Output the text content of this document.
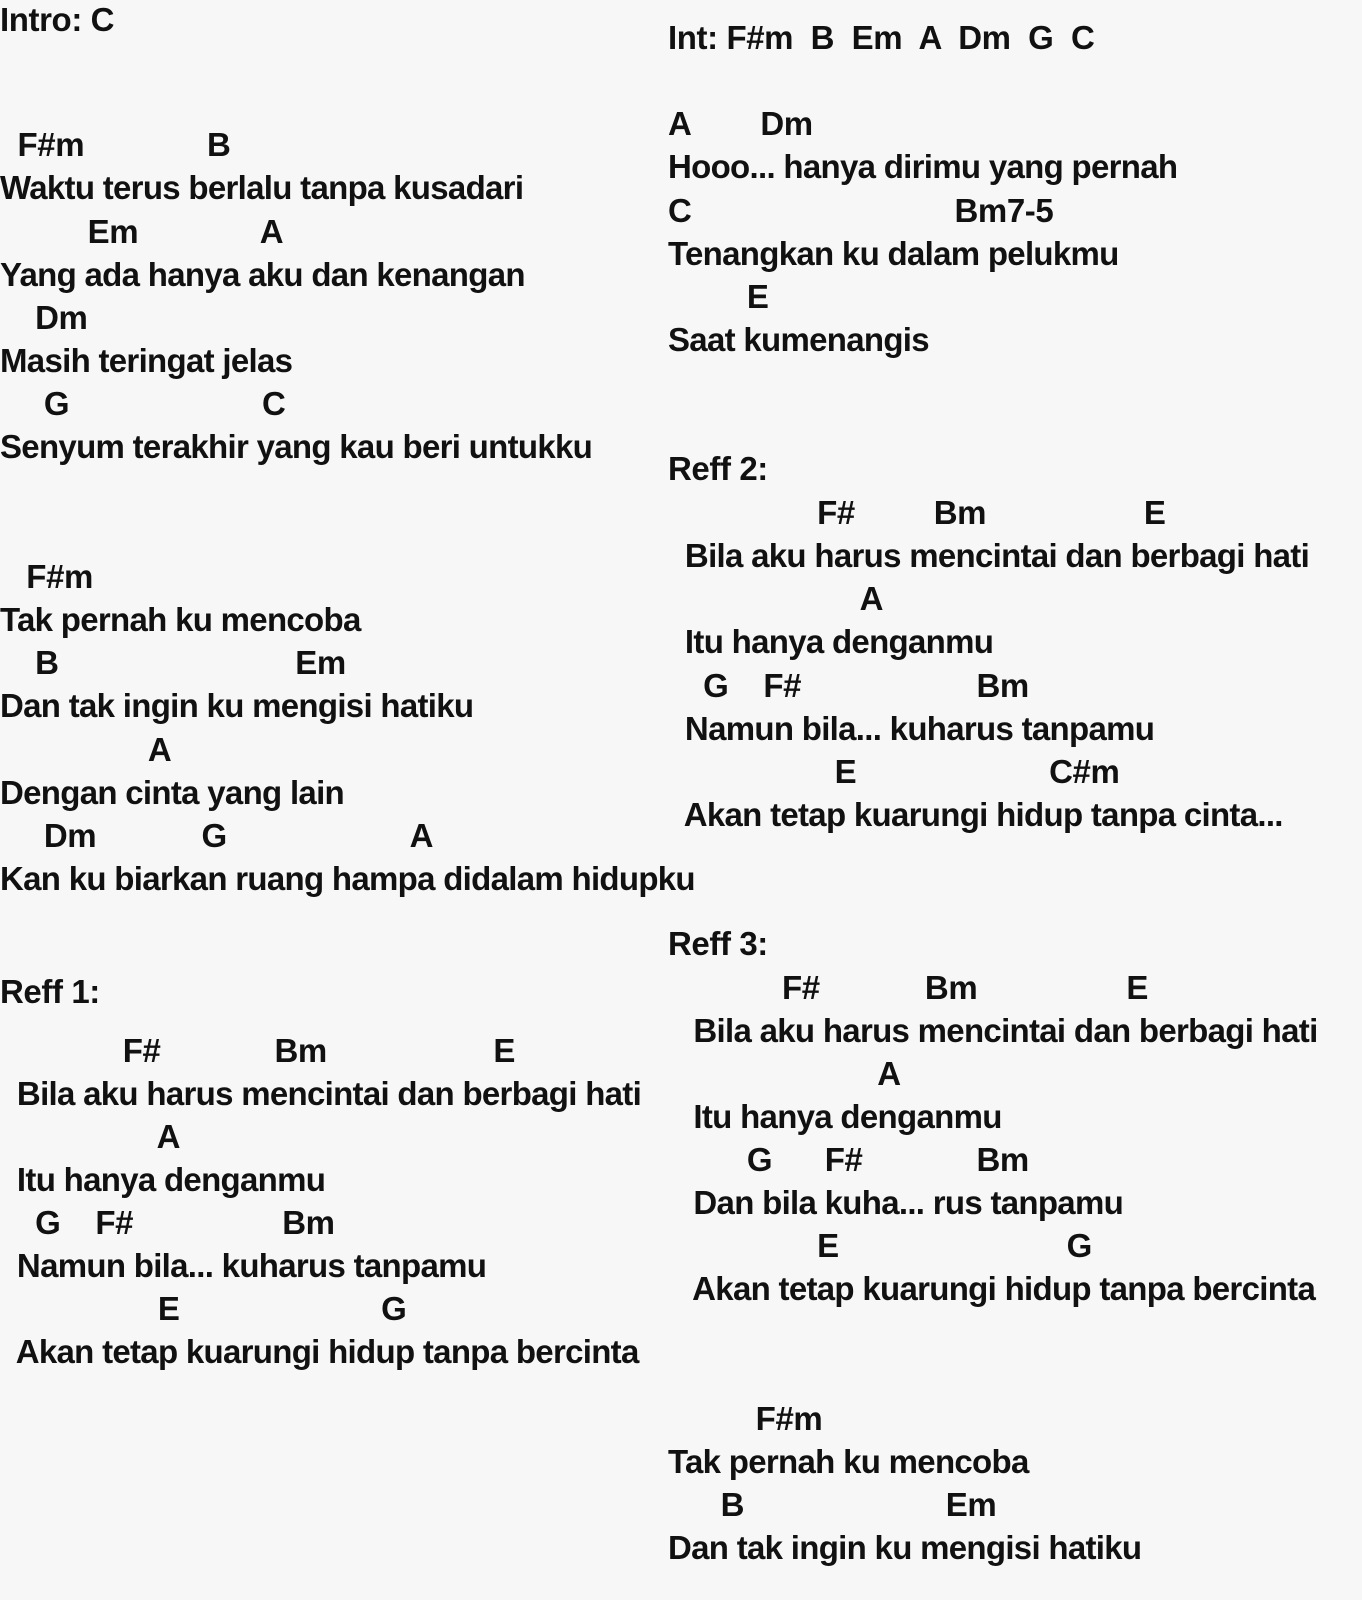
Intro: C
F#m              B
Waktu terus berlalu tanpa kusadari
Em              A
Yang ada hanya aku dan kenangan
Dm
Masih teringat jelas
G                      C
Senyum terakhir yang kau beri untukku
F#m
Tak pernah ku mencoba
B                           Em
Dan tak ingin ku mengisi hatiku
A
Dengan cinta yang lain
Dm            G                     A
Kan ku biarkan ruang hampa didalam hidupku
Reff 1:
F#             Bm                   E
Bila aku harus mencintai dan berbagi hati
A
Itu hanya denganmu
G    F#                 Bm
Namun bila... kuharus tanpamu
E                       G
Akan tetap kuarungi hidup tanpa bercinta
Int: F#m  B  Em  A  Dm  G  C
A        Dm
Hooo... hanya dirimu yang pernah
C                              Bm7-5
Tenangkan ku dalam pelukmu
E
Saat kumenangis
Reff 2:
F#         Bm                  E
Bila aku harus mencintai dan berbagi hati
A
Itu hanya denganmu
G    F#                    Bm
Namun bila... kuharus tanpamu
E                      C#m
Akan tetap kuarungi hidup tanpa cinta...
Reff 3:
F#            Bm                 E
Bila aku harus mencintai dan berbagi hati
A
Itu hanya denganmu
G      F#             Bm
Dan bila kuha... rus tanpamu
E                          G
Akan tetap kuarungi hidup tanpa bercinta
F#m
Tak pernah ku mencoba
B                       Em
Dan tak ingin ku mengisi hatiku
